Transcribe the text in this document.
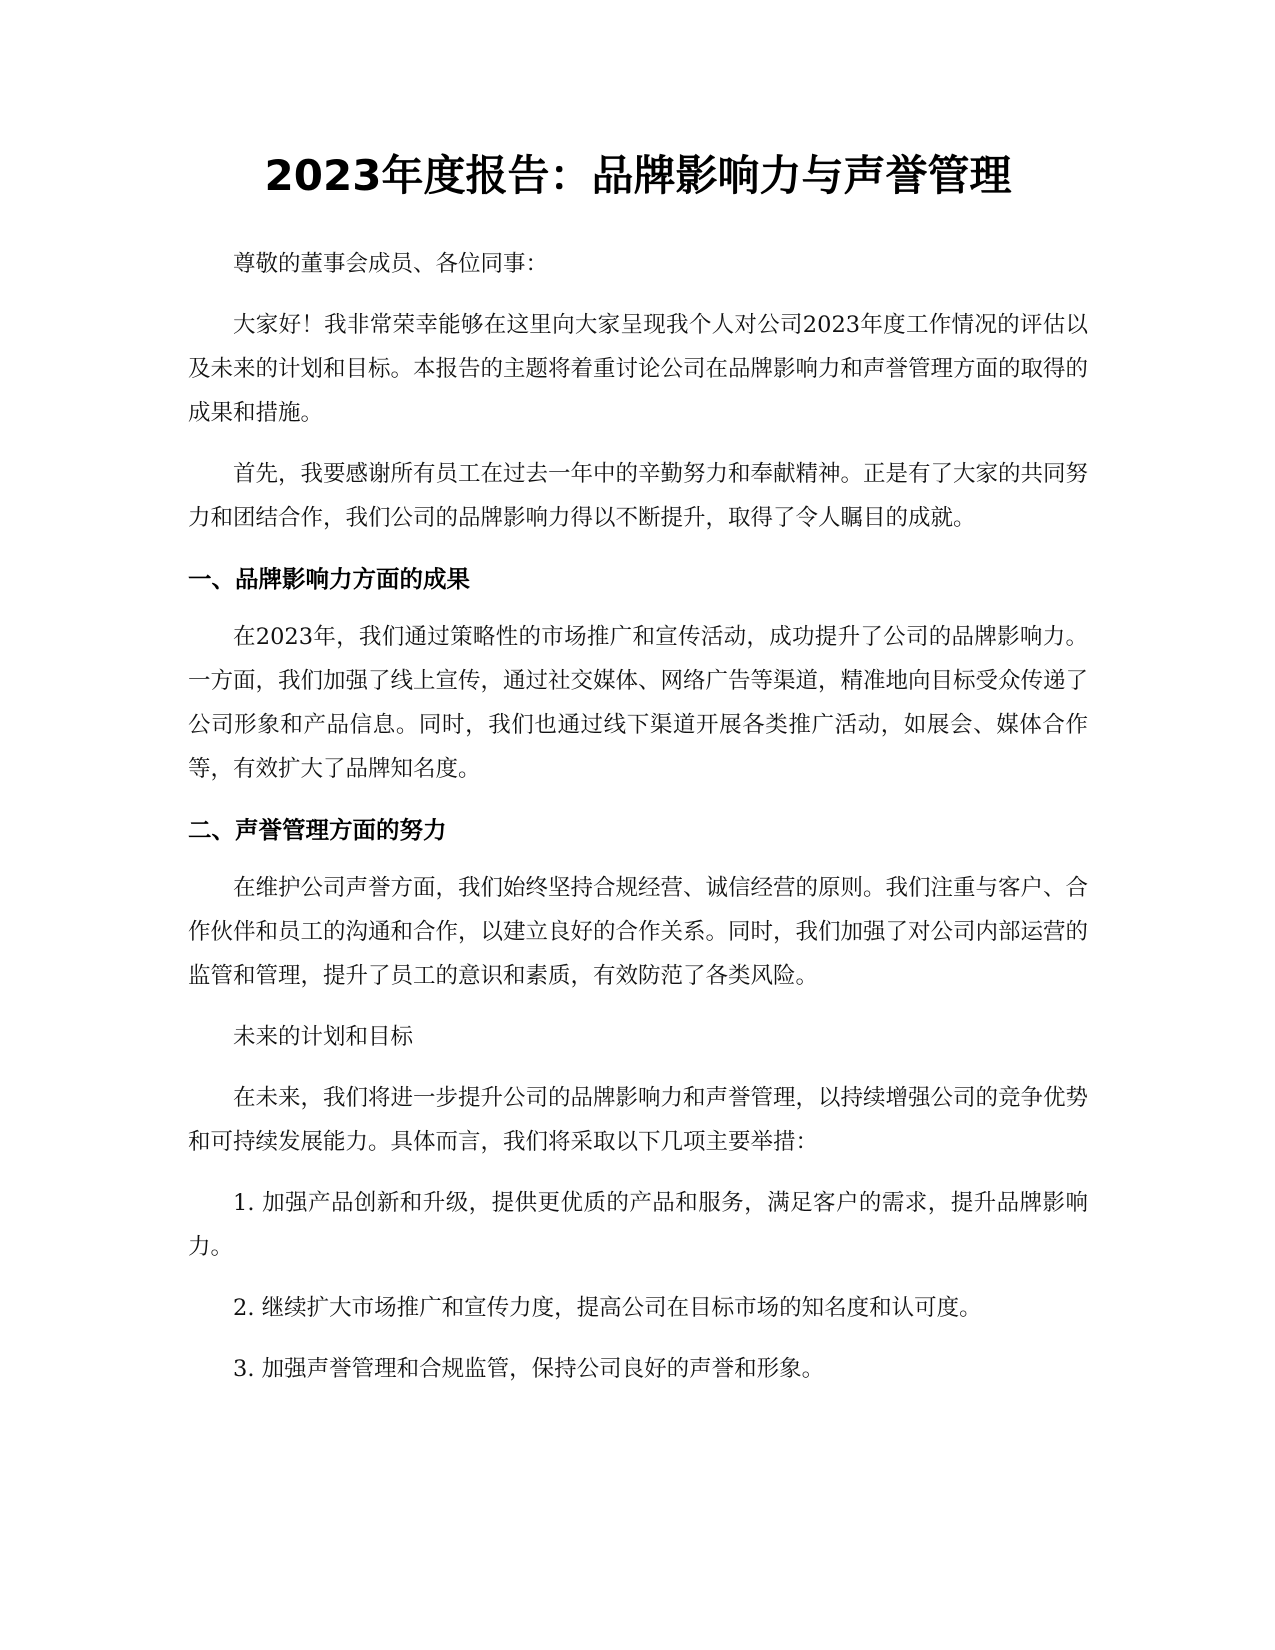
2023年度报告：品牌影响力与声誉管理

尊敬的董事会成员、各位同事：

大家好！我非常荣幸能够在这里向大家呈现我个人对公司2023年度工作情况的评估以及未来的计划和目标。本报告的主题将着重讨论公司在品牌影响力和声誉管理方面的取得的成果和措施。

首先，我要感谢所有员工在过去一年中的辛勤努力和奉献精神。正是有了大家的共同努力和团结合作，我们公司的品牌影响力得以不断提升，取得了令人瞩目的成就。

一、品牌影响力方面的成果

在2023年，我们通过策略性的市场推广和宣传活动，成功提升了公司的品牌影响力。一方面，我们加强了线上宣传，通过社交媒体、网络广告等渠道，精准地向目标受众传递了公司形象和产品信息。同时，我们也通过线下渠道开展各类推广活动，如展会、媒体合作等，有效扩大了品牌知名度。

二、声誉管理方面的努力

在维护公司声誉方面，我们始终坚持合规经营、诚信经营的原则。我们注重与客户、合作伙伴和员工的沟通和合作，以建立良好的合作关系。同时，我们加强了对公司内部运营的监管和管理，提升了员工的意识和素质，有效防范了各类风险。

未来的计划和目标

在未来，我们将进一步提升公司的品牌影响力和声誉管理，以持续增强公司的竞争优势和可持续发展能力。具体而言，我们将采取以下几项主要举措：

1. 加强产品创新和升级，提供更优质的产品和服务，满足客户的需求，提升品牌影响力。

2. 继续扩大市场推广和宣传力度，提高公司在目标市场的知名度和认可度。

3. 加强声誉管理和合规监管，保持公司良好的声誉和形象。
